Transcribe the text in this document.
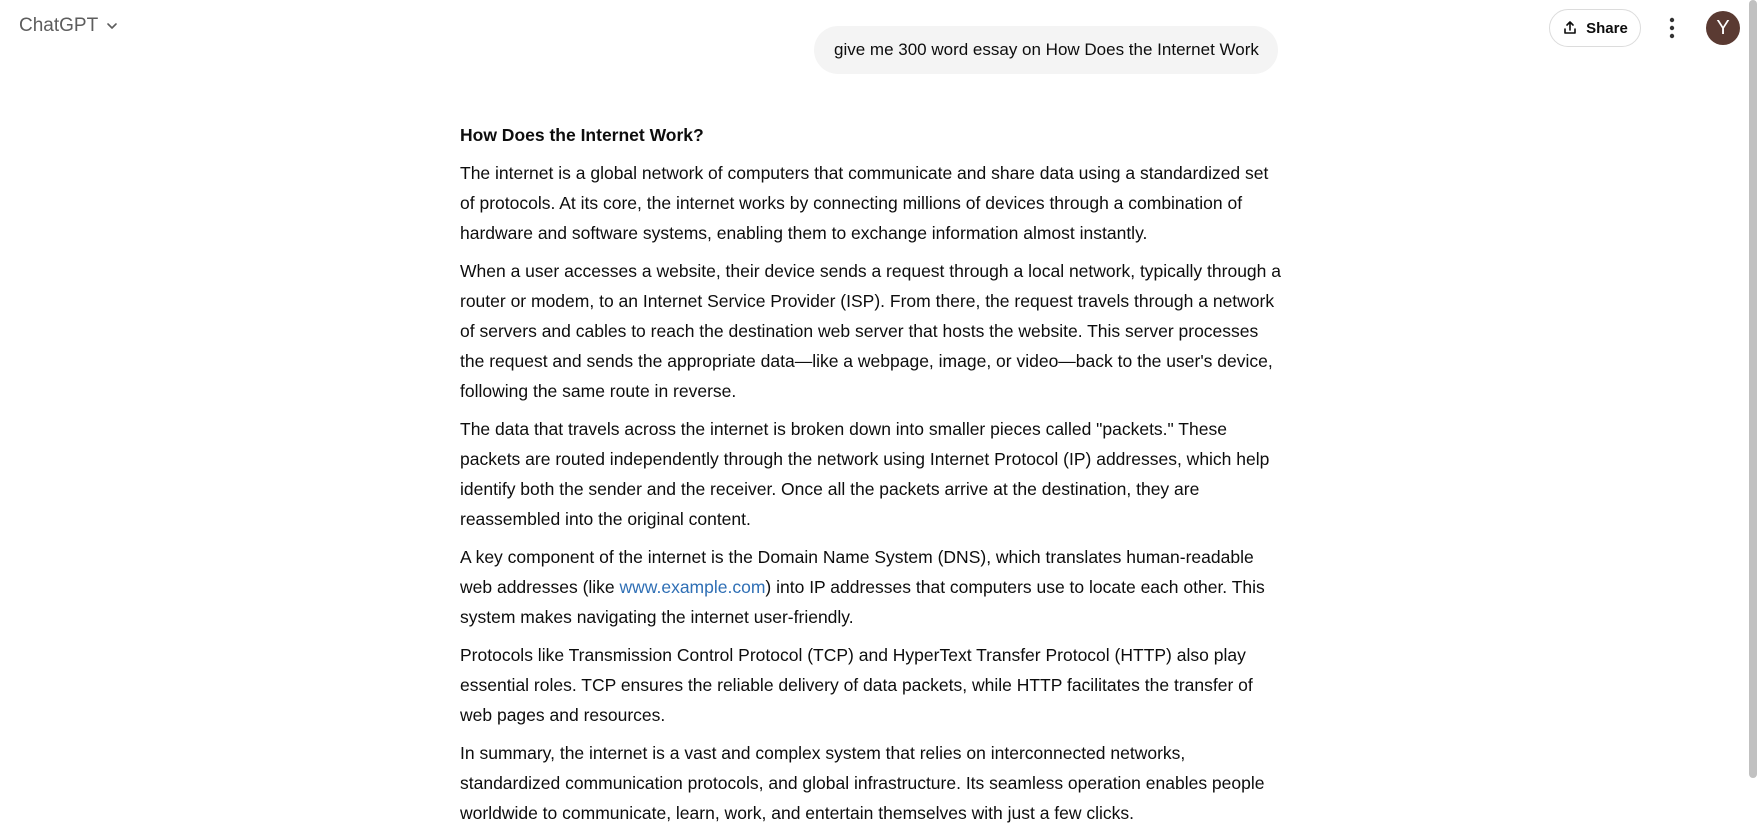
ChatGPT	Share	Y
give me 300 word essay on How Does the Internet Work
How Does the Internet Work?

The internet is a global network of computers that communicate and share data using a standardized set of protocols. At its core, the internet works by connecting millions of devices through a combination of hardware and software systems, enabling them to exchange information almost instantly.

When a user accesses a website, their device sends a request through a local network, typically through a router or modem, to an Internet Service Provider (ISP). From there, the request travels through a network of servers and cables to reach the destination web server that hosts the website. This server processes the request and sends the appropriate data—like a webpage, image, or video—back to the user's device, following the same route in reverse.

The data that travels across the internet is broken down into smaller pieces called "packets." These packets are routed independently through the network using Internet Protocol (IP) addresses, which help identify both the sender and the receiver. Once all the packets arrive at the destination, they are reassembled into the original content.

A key component of the internet is the Domain Name System (DNS), which translates human-readable web addresses (like www.example.com) into IP addresses that computers use to locate each other. This system makes navigating the internet user-friendly.

Protocols like Transmission Control Protocol (TCP) and HyperText Transfer Protocol (HTTP) also play essential roles. TCP ensures the reliable delivery of data packets, while HTTP facilitates the transfer of web pages and resources.

In summary, the internet is a vast and complex system that relies on interconnected networks, standardized communication protocols, and global infrastructure. Its seamless operation enables people worldwide to communicate, learn, work, and entertain themselves with just a few clicks.
